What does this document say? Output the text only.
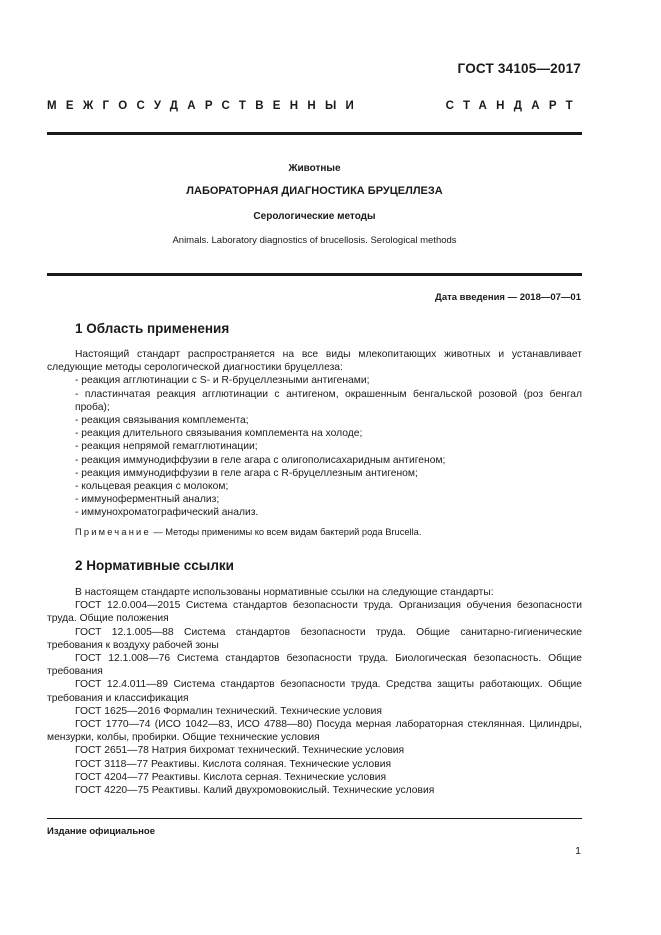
ГОСТ 34105—2017
МЕЖГОСУДАРСТВЕННЫЙ СТАНДАРТ
Животные
ЛАБОРАТОРНАЯ ДИАГНОСТИКА БРУЦЕЛЛЕЗА
Серологические методы
Animals. Laboratory diagnostics of brucellosis. Serological methods
Дата введения — 2018—07—01
1 Область применения

Настоящий стандарт распространяется на все виды млекопитающих животных и устанавливает следующие методы серологической диагностики бруцеллеза:

- реакция агглютинации с S- и R-бруцеллезными антигенами;

- пластинчатая реакция агглютинации с антигеном, окрашенным бенгальской розовой (роз бенгал проба);

- реакция связывания комплемента;

- реакция длительного связывания комплемента на холоде;

- реакция непрямой гемагглютинации;

- реакция иммунодиффузии в геле агара с олигополисахаридным антигеном;

- реакция иммунодиффузии в геле агара с R-бруцеллезным антигеном;

- кольцевая реакция с молоком;

- иммуноферментный анализ;

- иммунохроматографический анализ.

Примечание — Методы применимы ко всем видам бактерий рода Brucella.

2 Нормативные ссылки

В настоящем стандарте использованы нормативные ссылки на следующие стандарты:

ГОСТ 12.0.004—2015 Система стандартов безопасности труда. Организация обучения безопасности труда. Общие положения

ГОСТ 12.1.005—88 Система стандартов безопасности труда. Общие санитарно-гигиенические требования к воздуху рабочей зоны

ГОСТ 12.1.008—76 Система стандартов безопасности труда. Биологическая безопасность. Общие требования

ГОСТ 12.4.011—89 Система стандартов безопасности труда. Средства защиты работающих. Общие требования и классификация

ГОСТ 1625—2016 Формалин технический. Технические условия

ГОСТ 1770—74 (ИСО 1042—83, ИСО 4788—80) Посуда мерная лабораторная стеклянная. Цилиндры, мензурки, колбы, пробирки. Общие технические условия

ГОСТ 2651—78 Натрия бихромат технический. Технические условия

ГОСТ 3118—77 Реактивы. Кислота соляная. Технические условия

ГОСТ 4204—77 Реактивы. Кислота серная. Технические условия

ГОСТ 4220—75 Реактивы. Калий двухромовокислый. Технические условия

Издание официальное
1
